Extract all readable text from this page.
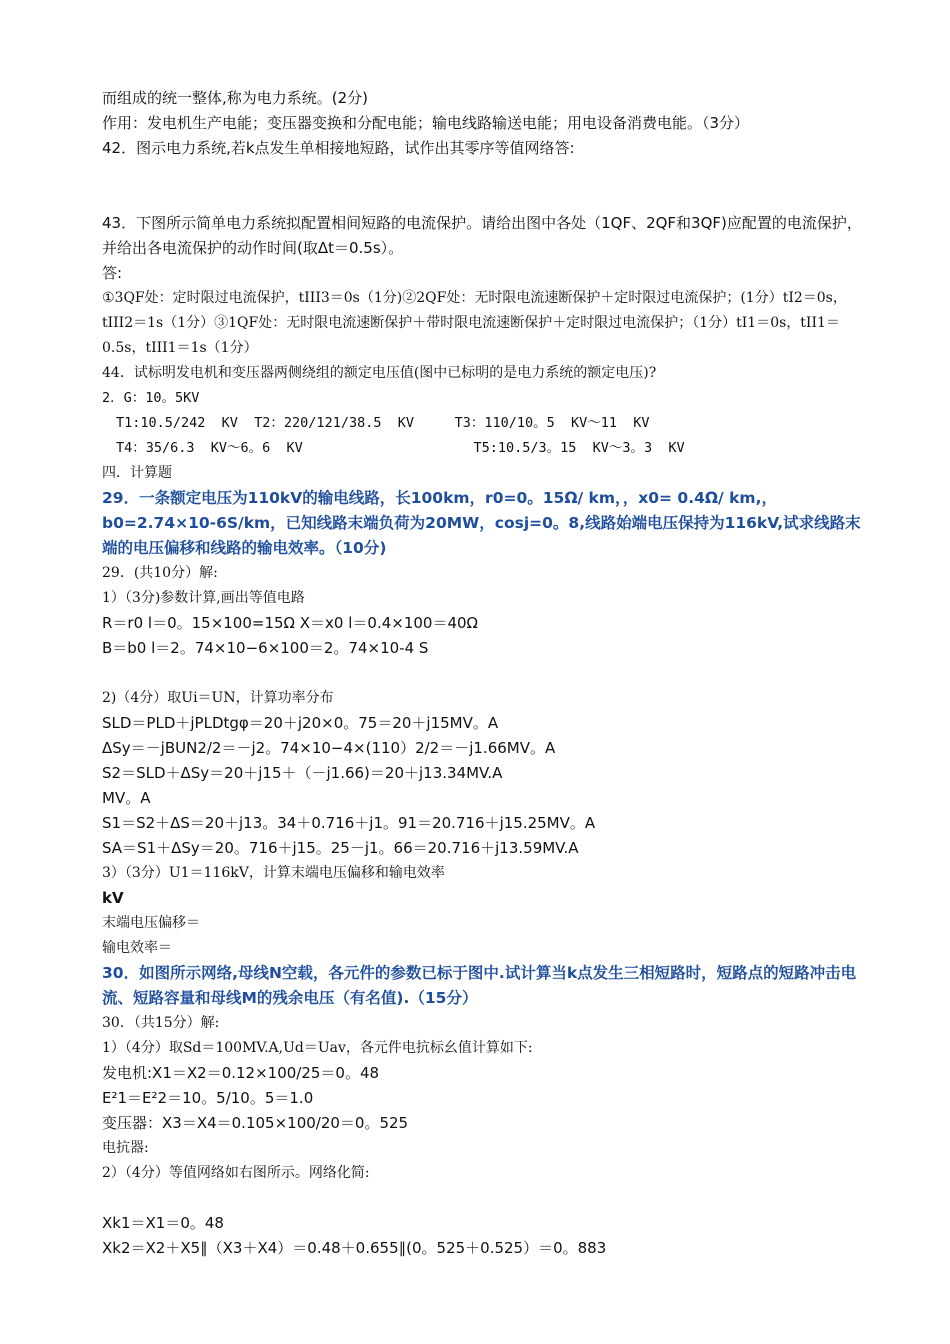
而组成的统一整体,称为电力系统。(2分)
作用：发电机生产电能；变压器变换和分配电能；输电线路输送电能；用电设备消费电能。（3分）
42．图示电力系统,若k点发生单相接地短路，试作出其零序等值网络答:
43．下图所示简单电力系统拟配置相间短路的电流保护。请给出图中各处（1QF、2QF和3QF)应配置的电流保护，并给出各电流保护的动作时间(取Δt＝0.5s）。
答:
①3QF处：定时限过电流保护，tIII3＝0s（1分)②2QF处：无时限电流速断保护＋定时限过电流保护；(1分）tI2＝0s，tIII2＝1s（1分）③1QF处：无时限电流速断保护＋带时限电流速断保护＋定时限过电流保护；（1分）tI1＝0s，tII1＝0.5s，tIII1＝1s（1分）
44．试标明发电机和变压器两侧绕组的额定电压值(图中已标明的是电力系统的额定电压)?
2．G：10。5KV
T1:10.5/242  KV  T2：220/121/38.5  KV     T3：110/10。5  KV～11  KV
T4：35/6.3  KV～6。6  KV                     T5:10.5/3。15  KV～3。3  KV
四．计算题
29．一条额定电压为110kV的输电线路，长100km，r0=0。15Ω/ km，，x0= 0.4Ω/ km,，b0=2.74×10-6S/km，已知线路末端负荷为20MW，cosj=0。8,线路始端电压保持为116kV,试求线路末端的电压偏移和线路的输电效率。（10分)
29．(共10分）解:
1）（3分)参数计算,画出等值电路
R＝r0 l＝0。15×100=15Ω X＝x0 l＝0.4×100＝40Ω
B＝b0 l＝2。74×10−6×100＝2。74×10-4 S
2)（4分）取Ui＝UN，计算功率分布
SLD＝PLD＋jPLDtgφ＝20＋j20×0。75＝20＋j15MV。A
ΔSy＝－jBUN2/2＝－j2。74×10−4×(110）2/2＝－j1.66MV。A
S2＝SLD＋ΔSy＝20＋j15＋（－j1.66)＝20＋j13.34MV.A
MV。A
S1＝S2＋ΔS＝20＋j13。34＋0.716＋j1。91＝20.716＋j15.25MV。A
SA＝S1＋ΔSy＝20。716＋j15。25－j1。66＝20.716＋j13.59MV.A
3）（3分）U1＝116kV，计算末端电压偏移和输电效率
kV
末端电压偏移＝
输电效率＝
30．如图所示网络,母线N空载，各元件的参数已标于图中.试计算当k点发生三相短路时，短路点的短路冲击电流、短路容量和母线M的残余电压（有名值).（15分）
30．（共15分）解:
1）（4分）取Sd＝100MV.A,Ud＝Uav，各元件电抗标幺值计算如下:
发电机:X1＝X2＝0.12×100/25＝0。48
E²1＝E²2＝10。5/10。5＝1.0
变压器：X3＝X4＝0.105×100/20＝0。525
电抗器:
2）（4分）等值网络如右图所示。网络化简:
Xk1＝X1＝0。48
Xk2＝X2＋X5∥（X3＋X4）＝0.48＋0.655∥(0。525＋0.525）＝0。883
